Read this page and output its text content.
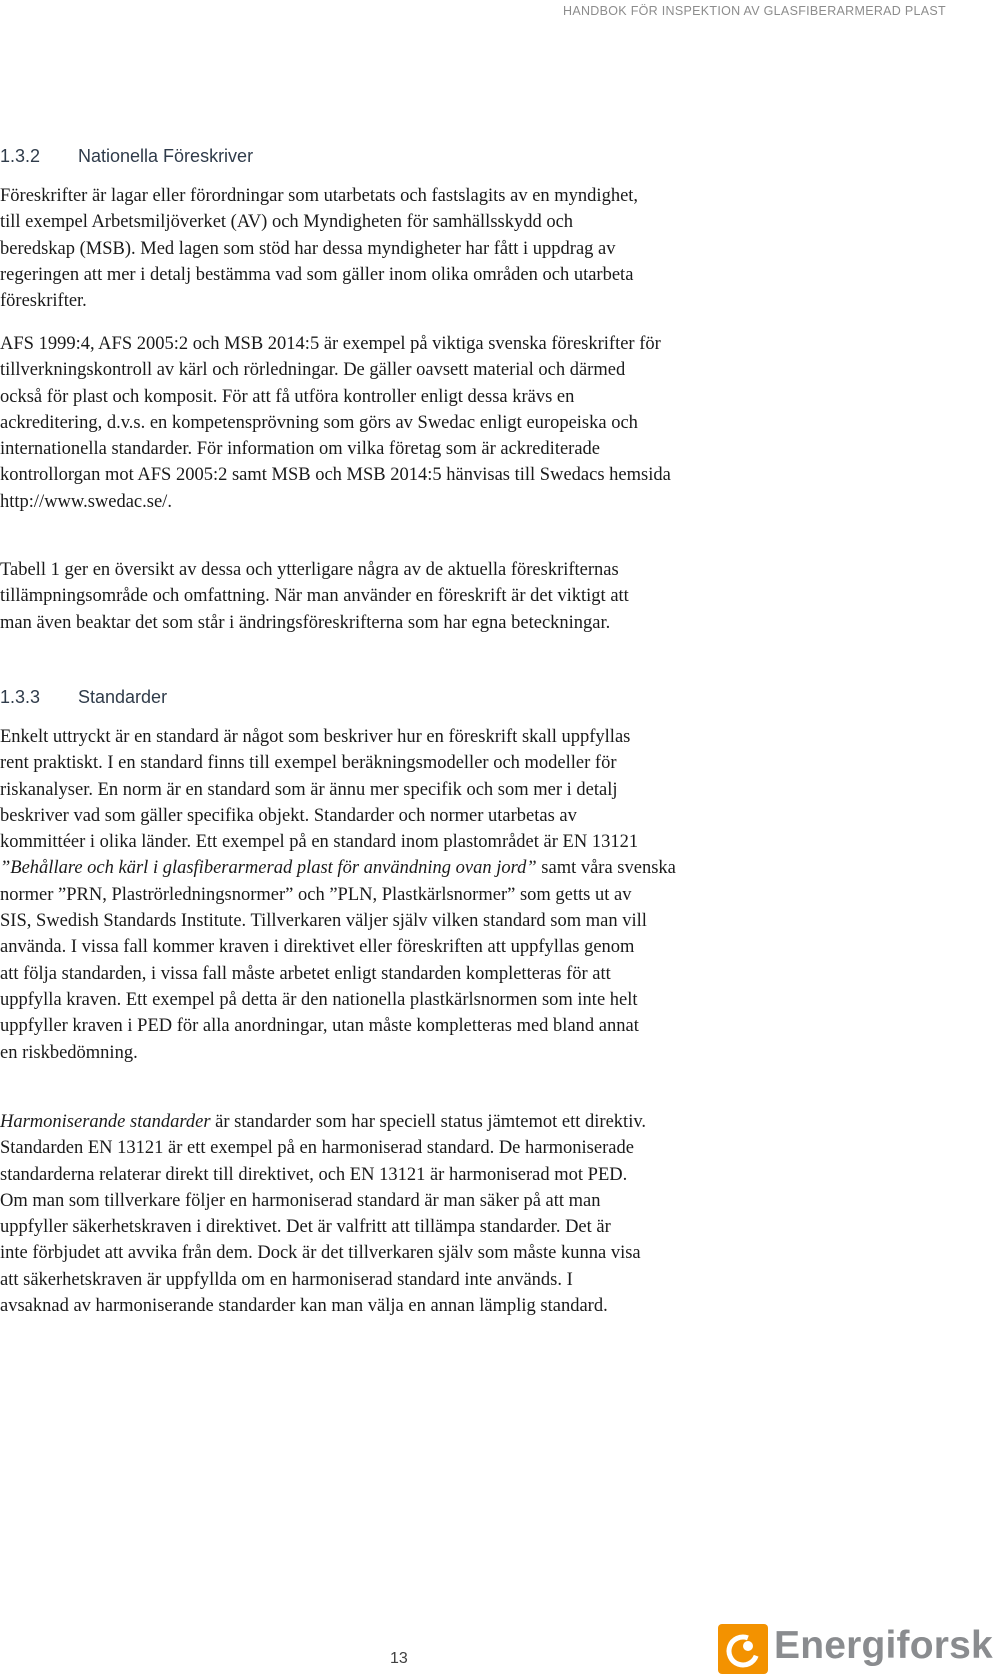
HANDBOK FÖR INSPEKTION AV GLASFIBERARMERAD PLAST
1.3.2 Nationella Föreskriver

Föreskrifter är lagar eller förordningar som utarbetats och fastslagits av en myndighet,
till exempel Arbetsmiljöverket (AV) och Myndigheten för samhällsskydd och
beredskap (MSB). Med lagen som stöd har dessa myndigheter har fått i uppdrag av
regeringen att mer i detalj bestämma vad som gäller inom olika områden och utarbeta
föreskrifter.

AFS 1999:4, AFS 2005:2 och MSB 2014:5 är exempel på viktiga svenska föreskrifter för
tillverkningskontroll av kärl och rörledningar. De gäller oavsett material och därmed
också för plast och komposit. För att få utföra kontroller enligt dessa krävs en
ackreditering, d.v.s. en kompetensprövning som görs av Swedac enligt europeiska och
internationella standarder. För information om vilka företag som är ackrediterade
kontrollorgan mot AFS 2005:2 samt MSB och MSB 2014:5 hänvisas till Swedacs hemsida
http://www.swedac.se/.

Tabell 1 ger en översikt av dessa och ytterligare några av de aktuella föreskrifternas
tillämpningsområde och omfattning. När man använder en föreskrift är det viktigt att
man även beaktar det som står i ändringsföreskrifterna som har egna beteckningar.

1.3.3 Standarder

Enkelt uttryckt är en standard är något som beskriver hur en föreskrift skall uppfyllas
rent praktiskt. I en standard finns till exempel beräkningsmodeller och modeller för
riskanalyser. En norm är en standard som är ännu mer specifik och som mer i detalj
beskriver vad som gäller specifika objekt. Standarder och normer utarbetas av
kommittéer i olika länder. Ett exempel på en standard inom plastområdet är EN 13121
”Behållare och kärl i glasfiberarmerad plast för användning ovan jord” samt våra svenska
normer ”PRN, Plaströrledningsnormer” och ”PLN, Plastkärlsnormer” som getts ut av
SIS, Swedish Standards Institute. Tillverkaren väljer själv vilken standard som man vill
använda. I vissa fall kommer kraven i direktivet eller föreskriften att uppfyllas genom
att följa standarden, i vissa fall måste arbetet enligt standarden kompletteras för att
uppfylla kraven. Ett exempel på detta är den nationella plastkärlsnormen som inte helt
uppfyller kraven i PED för alla anordningar, utan måste kompletteras med bland annat
en riskbedömning.

Harmoniserande standarder är standarder som har speciell status jämtemot ett direktiv.
Standarden EN 13121 är ett exempel på en harmoniserad standard. De harmoniserade
standarderna relaterar direkt till direktivet, och EN 13121 är harmoniserad mot PED.
Om man som tillverkare följer en harmoniserad standard är man säker på att man
uppfyller säkerhetskraven i direktivet. Det är valfritt att tillämpa standarder. Det är
inte förbjudet att avvika från dem. Dock är det tillverkaren själv som måste kunna visa
att säkerhetskraven är uppfyllda om en harmoniserad standard inte används. I
avsaknad av harmoniserande standarder kan man välja en annan lämplig standard.

13	Energiforsk
